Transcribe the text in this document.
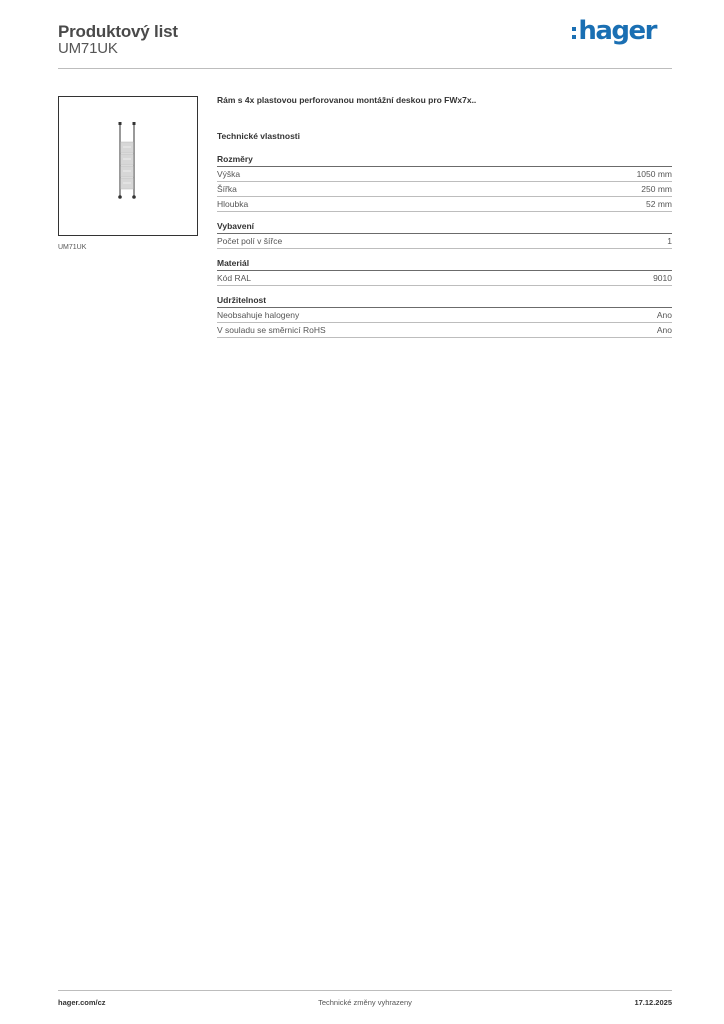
Produktový list
UM71UK
hager
UM71UK
Rám s 4x plastovou perforovanou montážní deskou pro FWx7x..
Technické vlastnosti
Rozměry
Výška	1050 mm
Šířka	250 mm
Hloubka	52 mm
Vybavení
Počet polí v šířce	1
Materiál
Kód RAL	9010
Udržitelnost
Neobsahuje halogeny	Ano
V souladu se směrnicí RoHS	Ano
hager.com/cz	Technické změny vyhrazeny	17.12.2025
